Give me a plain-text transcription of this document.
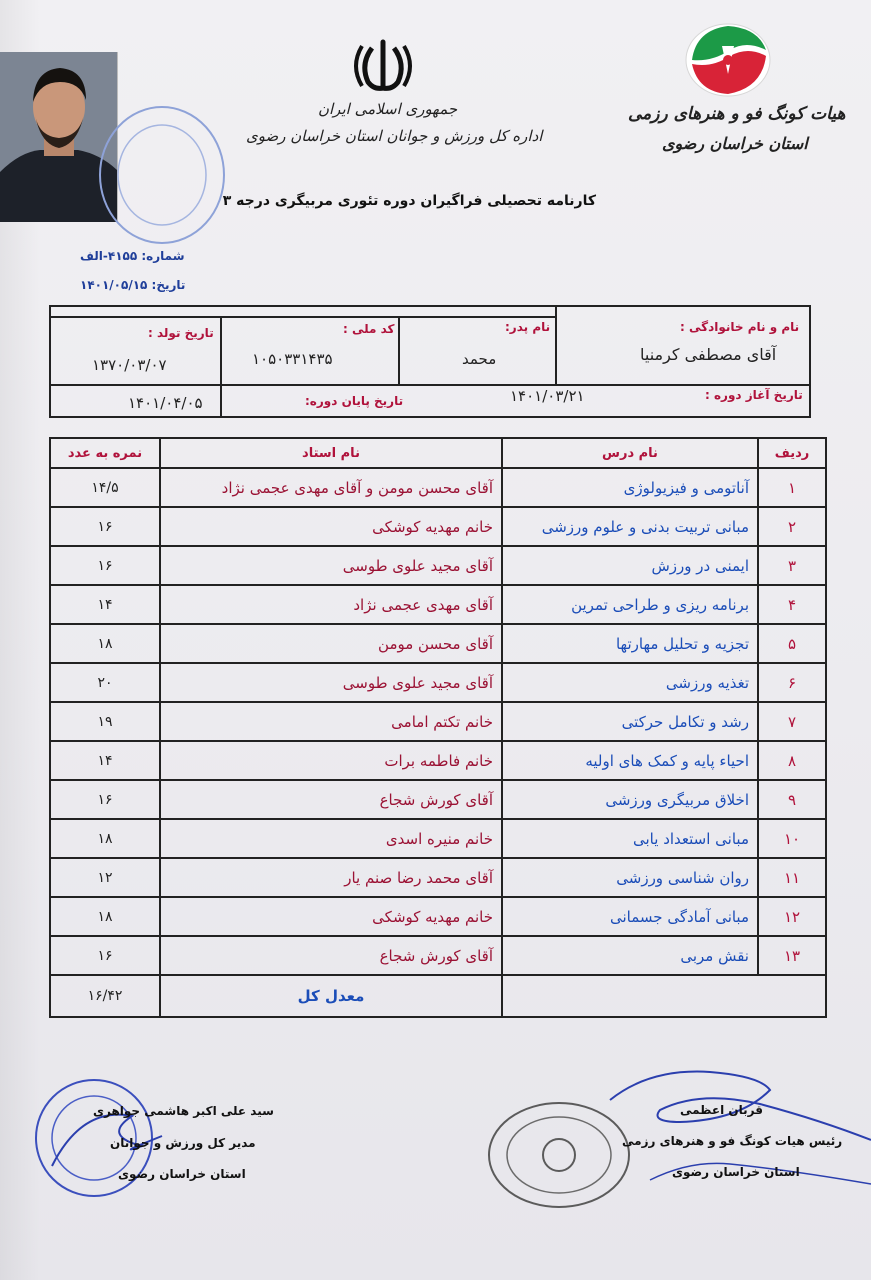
جمهوری اسلامی ایران
اداره کل ورزش و جوانان استان خراسان رضوی
هیات کونگ فو و هنرهای رزمی
استان خراسان رضوی
کارنامه تحصیلی فراگیران دوره تئوری مربیگری درجه ۳
شماره: ۴۱۵۵-الف
تاریخ: ۱۴۰۱/۰۵/۱۵
نام و نام خانوادگی :
آقای مصطفی کرمنیا
نام پدر:
محمد
کد ملی :
۱۰۵۰۳۳۱۴۳۵
تاریخ تولد :
۱۳۷۰/۰۳/۰۷
تاریخ آغاز دوره :
۱۴۰۱/۰۳/۲۱
تاریخ پایان دوره:
۱۴۰۱/۰۴/۰۵
ردیف	نام درس	نام استاد	نمره به عدد
۱	آناتومی و فیزیولوژی	آقای محسن مومن و آقای مهدی عجمی نژاد	۱۴/۵
۲	مبانی تربیت بدنی و علوم ورزشی	خانم مهدیه کوشکی	۱۶
۳	ایمنی در ورزش	آقای مجید علوی طوسی	۱۶
۴	برنامه ریزی و طراحی تمرین	آقای مهدی عجمی نژاد	۱۴
۵	تجزیه و تحلیل مهارتها	آقای محسن مومن	۱۸
۶	تغذیه ورزشی	آقای مجید علوی طوسی	۲۰
۷	رشد و تکامل حرکتی	خانم تکتم امامی	۱۹
۸	احیاء پایه و کمک های اولیه	خانم فاطمه برات	۱۴
۹	اخلاق مربیگری ورزشی	آقای کورش شجاع	۱۶
۱۰	مبانی استعداد یابی	خانم منیره اسدی	۱۸
۱۱	روان شناسی ورزشی	آقای محمد رضا صنم یار	۱۲
۱۲	مبانی آمادگی جسمانی	خانم مهدیه کوشکی	۱۸
۱۳	نقش مربی	آقای کورش شجاع	۱۶
		معدل کل	۱۶/۴۲
قربان اعظمی
رئیس هیات کونگ فو و هنرهای رزمی
استان خراسان رضوی
سید علی اکبر هاشمی جواهری
مدیر کل ورزش و جوانان
استان خراسان رضوی
